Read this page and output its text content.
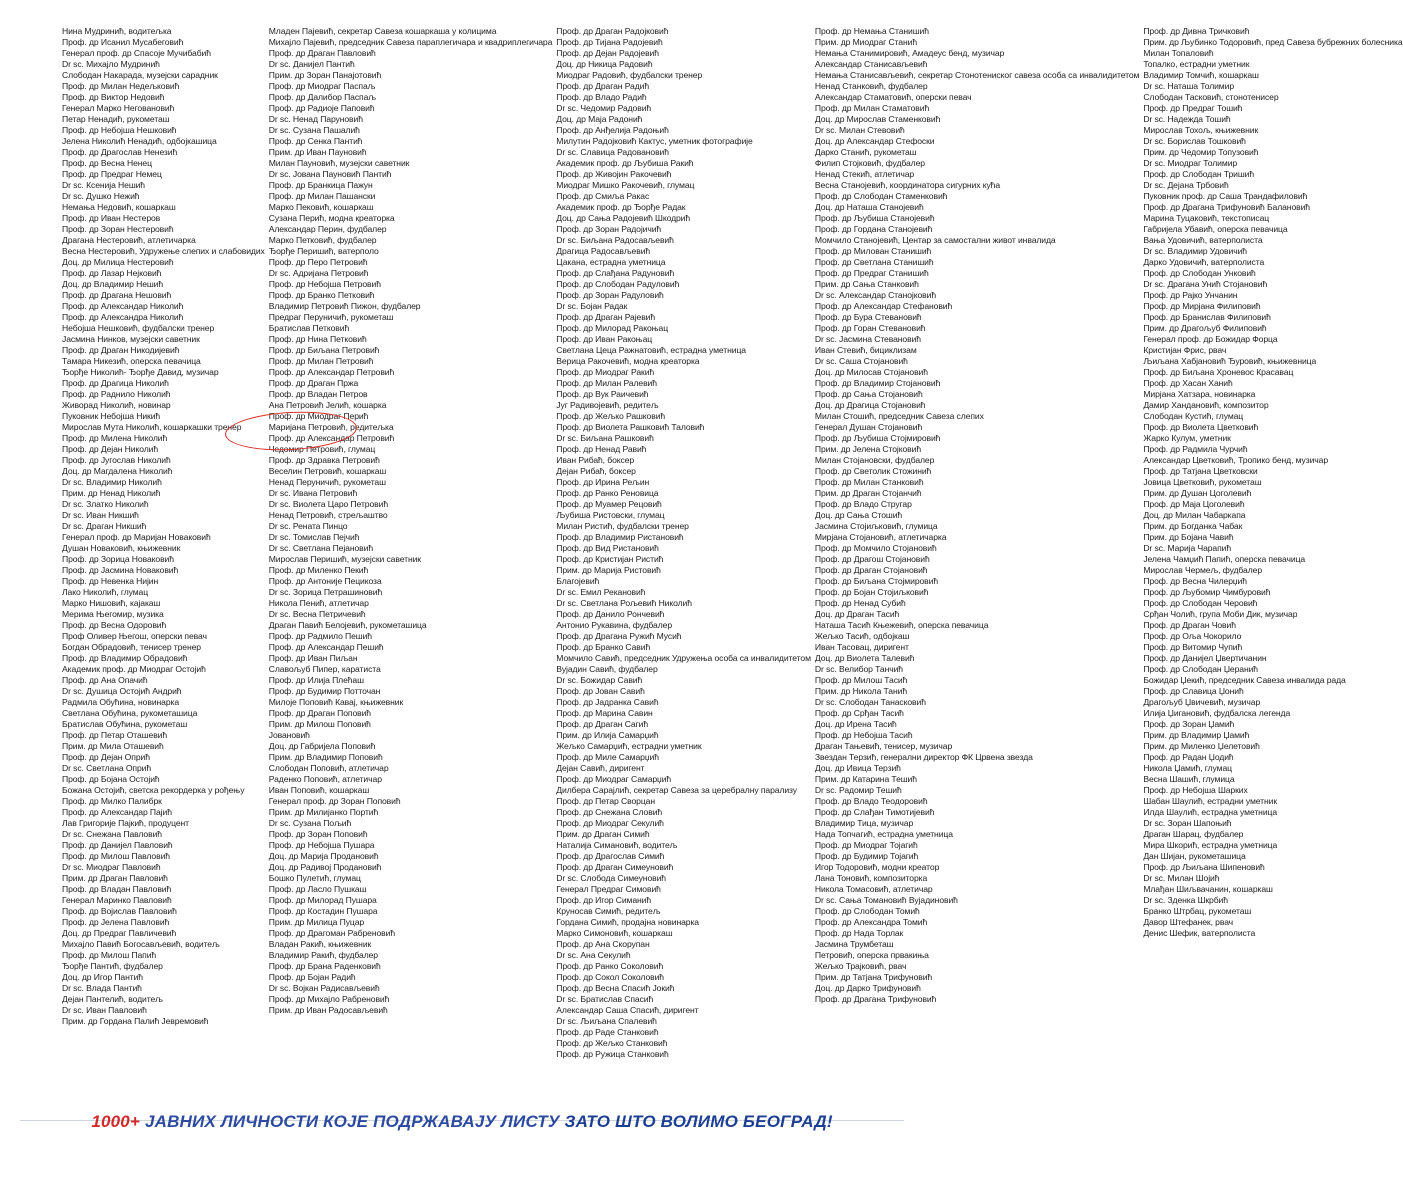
Нина Мудринић, водитељка
Проф. др Исанил Мусабеговић
Генерал проф. др Спасоје Мучибабић
Dr sc. Михајло Мудринић
Слободан Накарада, музејски сарадник
Проф. др Милан Недељковић
Проф. др Виктор Недовић
Генерал Марко Неговановић
Петар Ненадић, рукометаш
Проф. др Небојша Нешковић
Јелена Николић Ненадић, одбојкашица
Проф. др Драгослав Ненезић
Проф. др Весна Ненец
Проф. др Предраг Немец
Dr sc. Ксенија Нешић
Dr sc. Душко Нежић
Немања Недовић, кошаркаш
Проф. др Иван Нестеров
Проф. др Зоран Нестеровић
Драгана Нестеровић, атлетичарка
Весна Нестеровић, Удружење слепих и слабовидих
Доц. др Милица Нестеровић
Проф. др Лазар Нејковић
Доц. др Владимир Нешић
Проф. др Драгана Нешовић
Проф. др Александар Николић
Проф. др Александра Николић
Небојша Нешковић, фудбалски тренер
Јасмина Нинков, музејски саветник
Проф. др Драган Никодијевић
Тамара Никезић, оперска певачица
Ђорђе Николић- Ђорђе Давид, музичар
Проф. др Драгица Николић
Проф. др Раднило Николић
Живорад Николић, новинар
Пуковник Небојша Никић
Мирослав Мута Николић, кошаркашки тренер
Проф. др Милена Николић
Проф. др Дејан Николић
Проф. др Југослав Николић
Доц. др Магдалена Николић
Dr sc. Владимир Николић
Прим. др Ненад Николић
Dr sc. Златко Николић
Dr sc. Иван Никшић
Dr sc. Драган Никшић
Генерал проф. др Маријан Новаковић
Душан Новаковић, књижевник
Проф. др Зорица Новаковић
Проф. др Јасмина Новаковић
Проф. др Невенка Нијин
Лако Николић, глумац
Марко Нишовић, кајакаш
Мерима Његомир, музика
Проф. др Весна Одоровић
Проф Оливер Његош, оперски певач
Богдан Обрадовић, тенисер тренер
Проф. др Владимир Обрадовић
Академик проф. др Миодраг Остојић
Проф. др Ана Опачић
Dr sc. Душица Остојић Андрић
Радмила Обућина, новинарка
Светлана Обућина, рукометашица
Братислав Обућина, рукометаш
Проф. др Петар Оташевић
Прим. др Мила Оташевић
Проф. др Дејан Опрић
Dr sc. Светлана Опрић
Проф. др Бојана Остојић
Божана Остојић, светска рекордерка у рођењу
Проф. др Милко Палибрк
Проф. др Александар Пајић
Лав Григорије Пајкић, продуцент
Dr sc. Снежана Павловић
Проф. др Данијел Павловић
Проф. др Милош Павловић
Dr sc. Миодраг Павловић
Прим. др Драган Павловић
Проф. др Владан Павловић
Генерал Маринко Павловић
Проф. др Војислав Павловић
Проф. др Јелена Павловић
Доц. др Предраг Павличевић
Михајло Павић Богосављевић, водитељ
Проф. др Милош Папић
Ђорђе Пантић, фудбалер
Доц. др Игор Пантић
Dr sc. Влада Пантић
Дејан Пантелић, водитељ
Dr sc. Иван Павловић
Прим. др Гордана Палић Јевремовић
Младен Пајевић, секретар Савеза кошаркаша у колицима
Михајло Пајевић, председник Савеза параплегичара и квадриплегичара
Проф. др Драган Павловић
Dr sc. Данијел Пантић
Прим. др Зоран Панајотовић
Проф. др Миодраг Паспаљ
Проф. др Далибор Паспаљ
Проф. др Радиоје Паповић
Dr sc. Ненад Паруновић
Dr sc. Сузана Пашалић
Проф. др Сенка Пантић
Прим. др Иван Пауновић
Милан Пауновић, музејски саветник
Dr sc. Јована Пауновић Пантић
Проф. др Бранкица Пажун
Проф. др Милан Пашански
Марко Пековић, кошаркаш
Сузана Перић, модна креаторка
Александар Перин, фудбалер
Марко Петковић, фудбалер
Ђорђе Перишић, ватерполо
Проф. др Перо Петровић
Dr sc. Адријана Петровић
Проф. др Небојша Петровић
Проф. др Бранко Петковић
Владимир Петровић Пижон, фудбалер
Предраг Перуничић, рукометаш
Братислав Петковић
Проф. др Нина Петковић
Проф. др Биљана Петровић
Проф. др Милан Петровић
Проф. др Александар Петровић
Проф. др Драган Пржа
Проф. др Владан Петров
Ана Петровић Јелић, кошарка
Проф. др Миодраг Перић
Маријана Петровић, редитељка
Проф. др Александар Петровић
Чедомир Петровић, глумац
Проф. др Здравка Петровић
Веселин Петровић, кошаркаш
Ненад Перуничић, рукометаш
Dr sc. Ивана Петровић
Dr sc. Виолета Царо Петровић
Ненад Петровић, стрељаштво
Dr sc. Рената Пинцо
Dr sc. Томислав Пејчић
Dr sc. Светлана Пејановић
Мирослав Перишић, музејски саветник
Проф. др Миленко Пекић
Проф. др Антоније Пецикоза
Dr sc. Зорица Петрашиновић
Никола Пенић, атлетичар
Dr sc. Весна Петричевић
Драган Павић Белојевић, рукометашица
Проф. др Радмило Пешић
Проф. др Александар Пешић
Проф. др Иван Пиљан
Славољуб Пипер, каратиста
Проф. др Илија Плећаш
Проф. др Будимир Потточан
Милоје Поповић Кавај, књижевник
Проф. др Драган Поповић
Прим. др Милош Поповић
Јовановић
Доц. др Габријела Поповић
Прим. др Владимир Поповић
Слободан Поповић, атлетичар
Раденко Поповић, атлетичар
Иван Поповић, кошаркаш
Генерал проф. др Зоран Поповић
Прим. др Милијанко Портић
Dr sc. Сузана Пољић
Проф. др Зоран Поповић
Проф. др Небојша Пушара
Доц. др Марија Продановић
Доц. др Радивој Продановић
Бошко Пулетић, глумац
Проф. др Ласло Пушкаш
Проф. др Милорад Пушара
Проф. др Костадин Пушара
Прим. др Милица Пуцар
Проф. др Драгоман Рабреновић
Владан Ракић, књижевник
Владимир Ракић, фудбалер
Проф. др Брана Раденковић
Проф. др Бојан Радић
Dr sc. Војкан Радисављевић
Проф. др Михајло Рабреновић
Прим. др Иван Радосављевић
Проф. др Драган Радојковић
Проф. др Тијана Радојевић
Проф. др Дејан Радојевић
Доц. др Никица Радовић
Миодраг Радовић, фудбалски тренер
Проф. др Драган Радић
Проф. др Владо Радић
Dr sc. Чедомир Радовић
Доц. др Маја Радонић
Проф. др Анђелија Радоњић
Милутин Радојковић Кактус, уметник фотографије
Dr sc. Славица Радовановић
Академик проф. др Љубиша Ракић
Проф. др Живојин Ракочевић
Миодраг Мишко Ракочевић, глумац
Проф. др Смиља Ракас
Академик проф. др Ђорђе Радак
Доц. др Сања Радојевић Шкодрић
Проф. др Зоран Радојичић
Dr sc. Биљана Радосављевић
Драгица Радосављевић
Цакана, естрадна уметница
Проф. др Слађана Радуновић
Проф. др Слободан Радуловић
Проф. др Зоран Радуловић
Dr sc. Бојан Радак
Проф. др Драган Рајевић
Проф. др Милорад Ракоњац
Проф. др Иван Ракоњац
Светлана Цеца Ражнатовић, естрадна уметница
Верица Ракочевић, модна креаторка
Проф. др Миодраг Ракић
Проф. др Милан Ралевић
Проф. др Вук Раичевић
Југ Радивојевић, редитељ
Проф. др Жељко Рашковић
Проф. др Виолета Рашковић Таловић
Dr sc. Биљана Рашковић
Проф. др Ненад Равић
Иван Рибаћ, боксер
Дејан Рибаћ, боксер
Проф. др Ирина Рељин
Проф. др Ранко Реновица
Проф. др Муамер Рецовић
Љубиша Ристовски, глумац
Милан Ристић, фудбалски тренер
Проф. др Владимир Ристановић
Проф. др Вид Ристановић
Проф. др Кристијан Ристић
Прим. др Марија Ристовић
Благојевић
Dr sc. Емил Рекановић
Dr sc. Светлана Рољевић Николић
Проф. др Данило Рончевић
Антонио Рукавина, фудбалер
Проф. др Драгана Ружић Мусић
Проф. др Бранко Савић
Момчило Савић, председник Удружења особа са инвалидитетом
Вујадин Савић, фудбалер
Dr sc. Божидар Савић
Проф. др Јован Савић
Проф. др Јадранка Савић
Проф. др Марина Савин
Проф. др Драган Сагић
Прим. др Илија Самарџић
Жељко Самарџић, естрадни уметник
Проф. др Миле Самарџић
Дејан Савић, диригент
Проф. др Миодраг Самарџић
Дилбера Сарајлић, секретар Савеза за церебралну парализу
Проф. др Петар Сворцан
Проф. др Снежана Словић
Проф. др Миодраг Секулић
Прим. др Драган Симић
Наталија Симановић, водитељ
Проф. др Драгослав Симић
Проф. др Драган Симеуновић
Dr sc. Слобода Симеуновић
Генерал Предраг Симовић
Проф. др Игор Симанић
Круносав Симић, редитељ
Гордана Симић, продајна новинарка
Марко Симоновић, кошаркаш
Проф. др Ана Скорупан
Dr sc. Ана Секулић
Проф. др Ранко Соколовић
Проф. др Сокол Соколовић
Проф. др Весна Спасић Јокић
Dr sc. Братислав Спасић
Александар Саша Спасић, диригент
Dr sc. Љиљана Спалевић
Проф. др Раде Станковић
Проф. др Жељко Станковић
Проф. др Ружица Станковић
Проф. др Немања Станишић
Прим. др Миодраг Станић
Немања Станимировић, Амадеус бенд, музичар
Александар Станисављевић
Немања Станисављевић, секретар Стонотениског савеза особа са инвалидитетом
Ненад Станковић, фудбалер
Александар Стаматовић, оперски певач
Проф. др Милан Стаматовић
Доц. др Мирослав Стаменковић
Dr sc. Милан Стевовић
Доц. др Александар Стефоски
Дарко Станић, рукометаш
Филип Стојковић, фудбалер
Ненад Стекић, атлетичар
Весна Станојевић, координатора сигурних кућа
Проф. др Слободан Стаменковић
Доц. др Наташа Станојевић
Проф. др Љубиша Станојевић
Проф. др Гордана Станојевић
Момчило Станојевић, Центар за самостални живот инвалида
Проф. др Милован Станишић
Проф. др Светлана Станишић
Проф. др Предраг Станишић
Прим. др Сања Станковић
Dr sc. Александар Станојковић
Проф. др Александар Стефановић
Проф. др Бура Стевановић
Проф. др Горан Стевановић
Dr sc. Јасмина Стевановић
Иван Стевић, бициклизам
Dr sc. Саша Стојановић
Доц. др Милосав Стојановић
Проф. др Владимир Стојановић
Проф. др Сања Стојановић
Доц. др Драгица Стојановић
Милан Стошић, председник Савеза слепих
Генерал Душан Стојановић
Проф. др Љубиша Стојмировић
Прим. др Јелена Стојковић
Милан Стојановски, фудбалер
Проф. др Светолик Стожинић
Проф. др Милан Станковић
Прим. др Драган Стојанчић
Проф. др Владо Стругар
Доц. др Сања Стошић
Јасмина Стојиљковић, глумица
Мирјана Стојановић, атлетичарка
Проф. др Момчило Стојановић
Проф. др Драгош Стојановић
Проф. др Драган Стојановић
Проф. др Биљана Стојмировић
Проф. др Бојан Стојиљковић
Проф. др Ненад Субић
Доц. др Драган Тасић
Наташа Тасић Књежевић, оперска певачица
Жељко Тасић, одбојкаш
Иван Тасовац, диригент
Доц. др Виолета Талевић
Dr sc. Велибор Танчић
Проф. др Милош Тасић
Прим. др Никола Танић
Dr sc. Слободан Танасковић
Проф. др Срђан Тасић
Доц. др Ирена Тасић
Проф. др Небојша Тасић
Драган Тањевић, тенисер, музичар
Звездан Терзић, генерални директор ФК Црвена звезда
Доц. др Ивица Терзић
Прим. др Катарина Тешић
Dr sc. Радомир Тешић
Проф. др Владо Теодоровић
Проф. др Слађан Тимотијевић
Владимир Тица, музичар
Нада Топчагић, естрадна уметница
Проф. др Миодраг Тојагић
Проф. др Будимир Тојагић
Игор Тодоровић, модни креатор
Лана Тоновић, композиторка
Никола Томасовић, атлетичар
Dr sc. Сања Томановић Вујадиновић
Проф. др Слободан Томић
Проф. др Александра Томић
Проф. др Нада Торлак
Јасмина Трумбеташ
Петровић, оперска првакиња
Жељко Трајковић, рвач
Прим. др Татјана Трифуновић
Доц. др Дарко Трифуновић
Проф. др Драгана Трифуновић
Проф. др Дивна Тричковић
Прим. др Љубинко Тодоровић, пред Савеза бубрежних болесника
Милан Топаловић
Топалко, естрадни уметник
Владимир Томчић, кошаркаш
Dr sc. Наташа Толимир
Слободан Тасковић, стонотенисер
Проф. др Предраг Тошић
Dr sc. Надежда Тошић
Мирослав Тохољ, књижевник
Dr sc. Борислав Тошковић
Прим. др Чедомир Топузовић
Dr sc. Миодраг Толимир
Проф. др Слободан Тришић
Dr sc. Дејана Трбовић
Пуковник проф. др Саша Трандафиловић
Проф. др Драгана Трифуновић Балановић
Марина Туцаковић, текстописац
Габријела Убавић, оперска певачица
Вања Удовичић, ватерполиста
Dr sc. Владимир Удовичић
Дарко Удовичић, ватерполиста
Проф. др Слободан Унковић
Dr sc. Драгана Унић Стојановић
Проф. др Рајко Унчанин
Проф. др Мирјана Филиповић
Проф. др Бранислав Филиповић
Прим. др Драгољуб Филиповић
Генерал проф. др Божидар Форца
Кристијан Фрис, рвач
Љиљана Хабјановић Ђуровић, књижевница
Проф. др Биљана Хроневос Красавац
Проф. др Хасан Ханић
Мирјана Хатзара, новинарка
Дамир Хандановић, композитор
Слободан Кустић, глумац
Проф. др Виолета Цветковић
Жарко Кулум, уметник
Проф. др Радмила Чурчић
Александар Цветковић, Тропико бенд, музичар
Проф. др Татјана Цветковски
Јовица Цветковић, рукометаш
Прим. др Душан Цоголевић
Проф. др Маја Цоголевић
Доц. др Милан Чабаркапа
Прим. др Богданка Чабак
Прим. др Бојана Чавић
Dr sc. Марија Чарапић
Јелена Чамџић Папић, оперска певачица
Мирослав Чермељ, фудбалер
Проф. др Весна Чилерџић
Проф. др Љубомир Чимбуровић
Проф. др Слободан Черовић
Срђан Чолић, група Моби Дик, музичар
Проф. др Драган Човић
Проф. др Оља Чокорило
Проф. др Витомир Чупић
Проф. др Данијел Џвертичанин
Проф. др Слободан Џеранић
Божидар Џекић, председник Савеза инвалида рада
Проф. др Славица Џонић
Драгољуб Џвичевић, музичар
Илија Џигановић, фудбалска легенда
Проф. др Зоран Џамић
Прим. др Владимир Џамић
Прим. др Миленко Џелетовић
Проф. др Радан Џодић
Никола Џамић, глумац
Весна Шашић, глумица
Проф. др Небојша Шарких
Шабан Шаулић, естрадни уметник
Илда Шаулић, естрадна уметница
Dr sc. Зоран Шапоњић
Драган Шарац, фудбалер
Мира Шкорић, естрадна уметница
Дан Шијан, рукометашица
Проф. др Љиљана Шипеновић
Dr sc. Милан Шојић
Млађан Шиљвачанин, кошаркаш
Dr sc. Зденка Шкрбић
Бранко Штрбац, рукометаш
Давор Штефанек, рвач
Денис Шефик, ватерполиста
1000+ ЈАВНИХ ЛИЧНОСТИ КОЈЕ ПОДРЖАВАЈУ ЛИСТУ ЗАТО ШТО ВОЛИМО БЕОГРАД!
